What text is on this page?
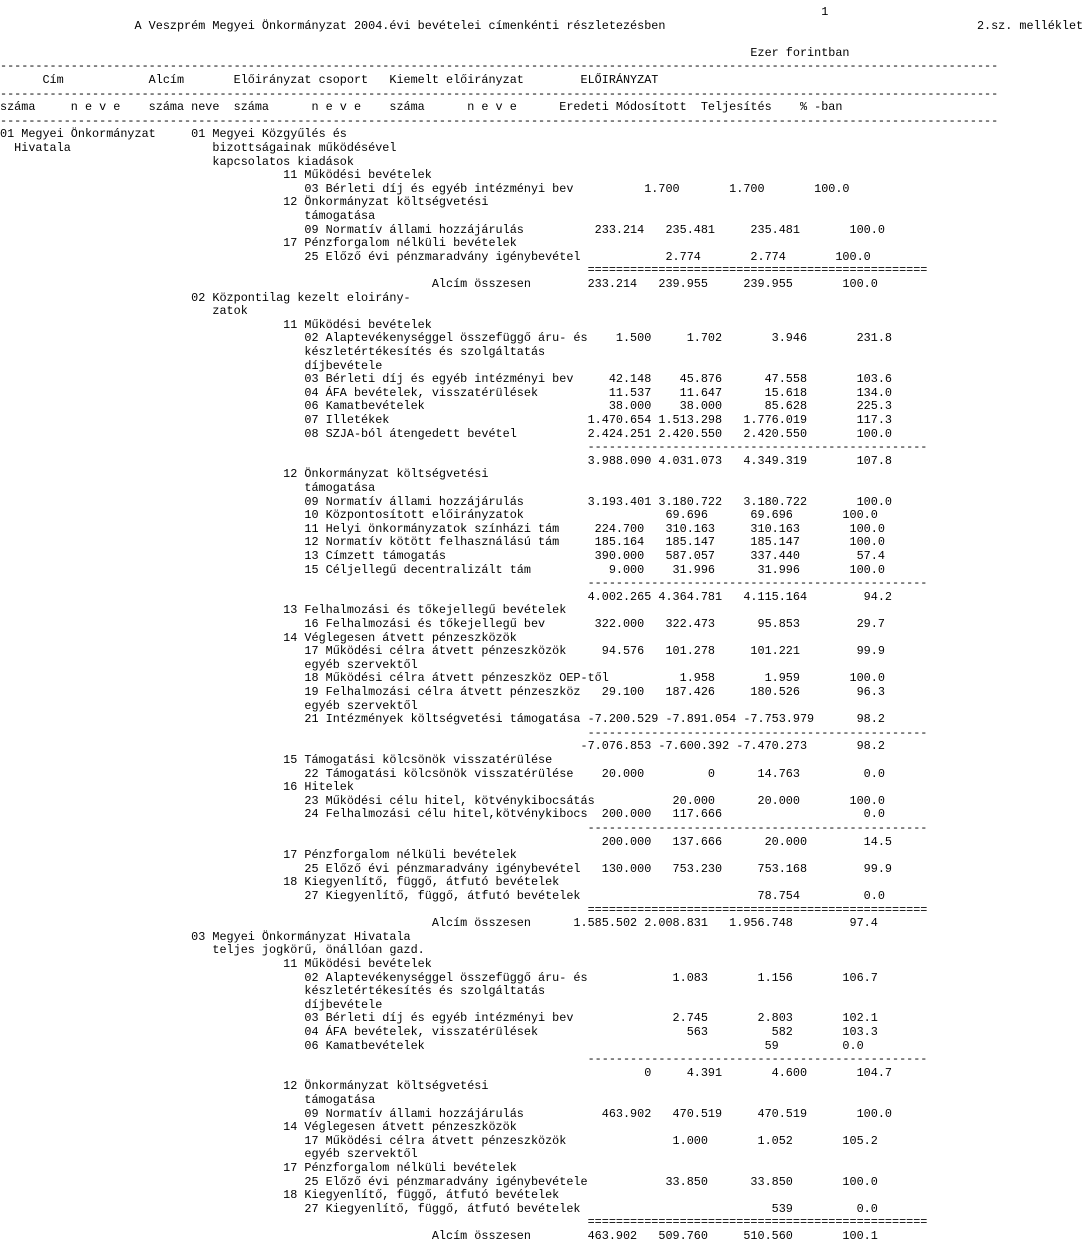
1
A Veszprém Megyei Önkormányzat 2004.évi bevételei címenkénti részletezésben                                            2.sz. melléklet
Ezer forintban
---------------------------------------------------------------------------------------------------------------------------------------------
Cím            Alcím       Előirányzat csoport   Kiemelt előirányzat        ELŐIRÁNYZAT
---------------------------------------------------------------------------------------------------------------------------------------------
száma     n e v e    száma neve  száma      n e v e    száma      n e v e      Eredeti Módosított  Teljesítés    % -ban
---------------------------------------------------------------------------------------------------------------------------------------------
01 Megyei Önkormányzat     01 Megyei Közgyűlés és
Hivatala                    bizottságainak működésével
kapcsolatos kiadások
11 Működési bevételek
03 Bérleti díj és egyéb intézményi bev          1.700       1.700       100.0
12 Önkormányzat költségvetési
támogatása
09 Normatív állami hozzájárulás          233.214   235.481     235.481       100.0
17 Pénzforgalom nélküli bevételek
25 Előző évi pénzmaradvány igénybevétel            2.774       2.774       100.0
================================================
Alcím összesen        233.214   239.955     239.955       100.0
02 Központilag kezelt eloirány-
zatok
11 Működési bevételek
02 Alaptevékenységgel összefüggő áru- és    1.500     1.702       3.946       231.8
készletértékesítés és szolgáltatás
díjbevétele
03 Bérleti díj és egyéb intézményi bev     42.148    45.876      47.558       103.6
04 ÁFA bevételek, visszatérülések          11.537    11.647      15.618       134.0
06 Kamatbevételek                          38.000    38.000      85.628       225.3
07 Illetékek                            1.470.654 1.513.298   1.776.019       117.3
08 SZJA-ból átengedett bevétel          2.424.251 2.420.550   2.420.550       100.0
------------------------------------------------
3.988.090 4.031.073   4.349.319       107.8
12 Önkormányzat költségvetési
támogatása
09 Normatív állami hozzájárulás         3.193.401 3.180.722   3.180.722       100.0
10 Központosított előirányzatok                    69.696      69.696       100.0
11 Helyi önkormányzatok színházi tám     224.700   310.163     310.163       100.0
12 Normatív kötött felhasználású tám     185.164   185.147     185.147       100.0
13 Címzett támogatás                     390.000   587.057     337.440        57.4
15 Céljellegű decentralizált tám           9.000    31.996      31.996       100.0
------------------------------------------------
4.002.265 4.364.781   4.115.164        94.2
13 Felhalmozási és tőkejellegű bevételek
16 Felhalmozási és tőkejellegű bev       322.000   322.473      95.853        29.7
14 Véglegesen átvett pénzeszközök
17 Működési célra átvett pénzeszközök     94.576   101.278     101.221        99.9
egyéb szervektől
18 Működési célra átvett pénzeszköz OEP-től          1.958       1.959       100.0
19 Felhalmozási célra átvett pénzeszköz   29.100   187.426     180.526        96.3
egyéb szervektől
21 Intézmények költségvetési támogatása -7.200.529 -7.891.054 -7.753.979      98.2
------------------------------------------------
-7.076.853 -7.600.392 -7.470.273       98.2
15 Támogatási kölcsönök visszatérülése
22 Támogatási kölcsönök visszatérülése    20.000         0      14.763         0.0
16 Hitelek
23 Működési célu hitel, kötvénykibocsátás           20.000      20.000       100.0
24 Felhalmozási célu hitel,kötvénykibocs  200.000   117.666                    0.0
------------------------------------------------
200.000   137.666      20.000        14.5
17 Pénzforgalom nélküli bevételek
25 Előző évi pénzmaradvány igénybevétel   130.000   753.230     753.168        99.9
18 Kiegyenlítő, függő, átfutó bevételek
27 Kiegyenlítő, függő, átfutó bevételek                         78.754         0.0
================================================
Alcím összesen      1.585.502 2.008.831   1.956.748        97.4
03 Megyei Önkormányzat Hivatala
teljes jogkörű, önállóan gazd.
11 Működési bevételek
02 Alaptevékenységgel összefüggő áru- és            1.083       1.156       106.7
készletértékesítés és szolgáltatás
díjbevétele
03 Bérleti díj és egyéb intézményi bev              2.745       2.803       102.1
04 ÁFA bevételek, visszatérülések                     563         582       103.3
06 Kamatbevételek                                                59         0.0
------------------------------------------------
0     4.391       4.600       104.7
12 Önkormányzat költségvetési
támogatása
09 Normatív állami hozzájárulás           463.902   470.519     470.519       100.0
14 Véglegesen átvett pénzeszközök
17 Működési célra átvett pénzeszközök               1.000       1.052       105.2
egyéb szervektől
17 Pénzforgalom nélküli bevételek
25 Előző évi pénzmaradvány igénybevétele           33.850      33.850       100.0
18 Kiegyenlítő, függő, átfutó bevételek
27 Kiegyenlítő, függő, átfutó bevételek                           539         0.0
================================================
Alcím összesen        463.902   509.760     510.560       100.1
